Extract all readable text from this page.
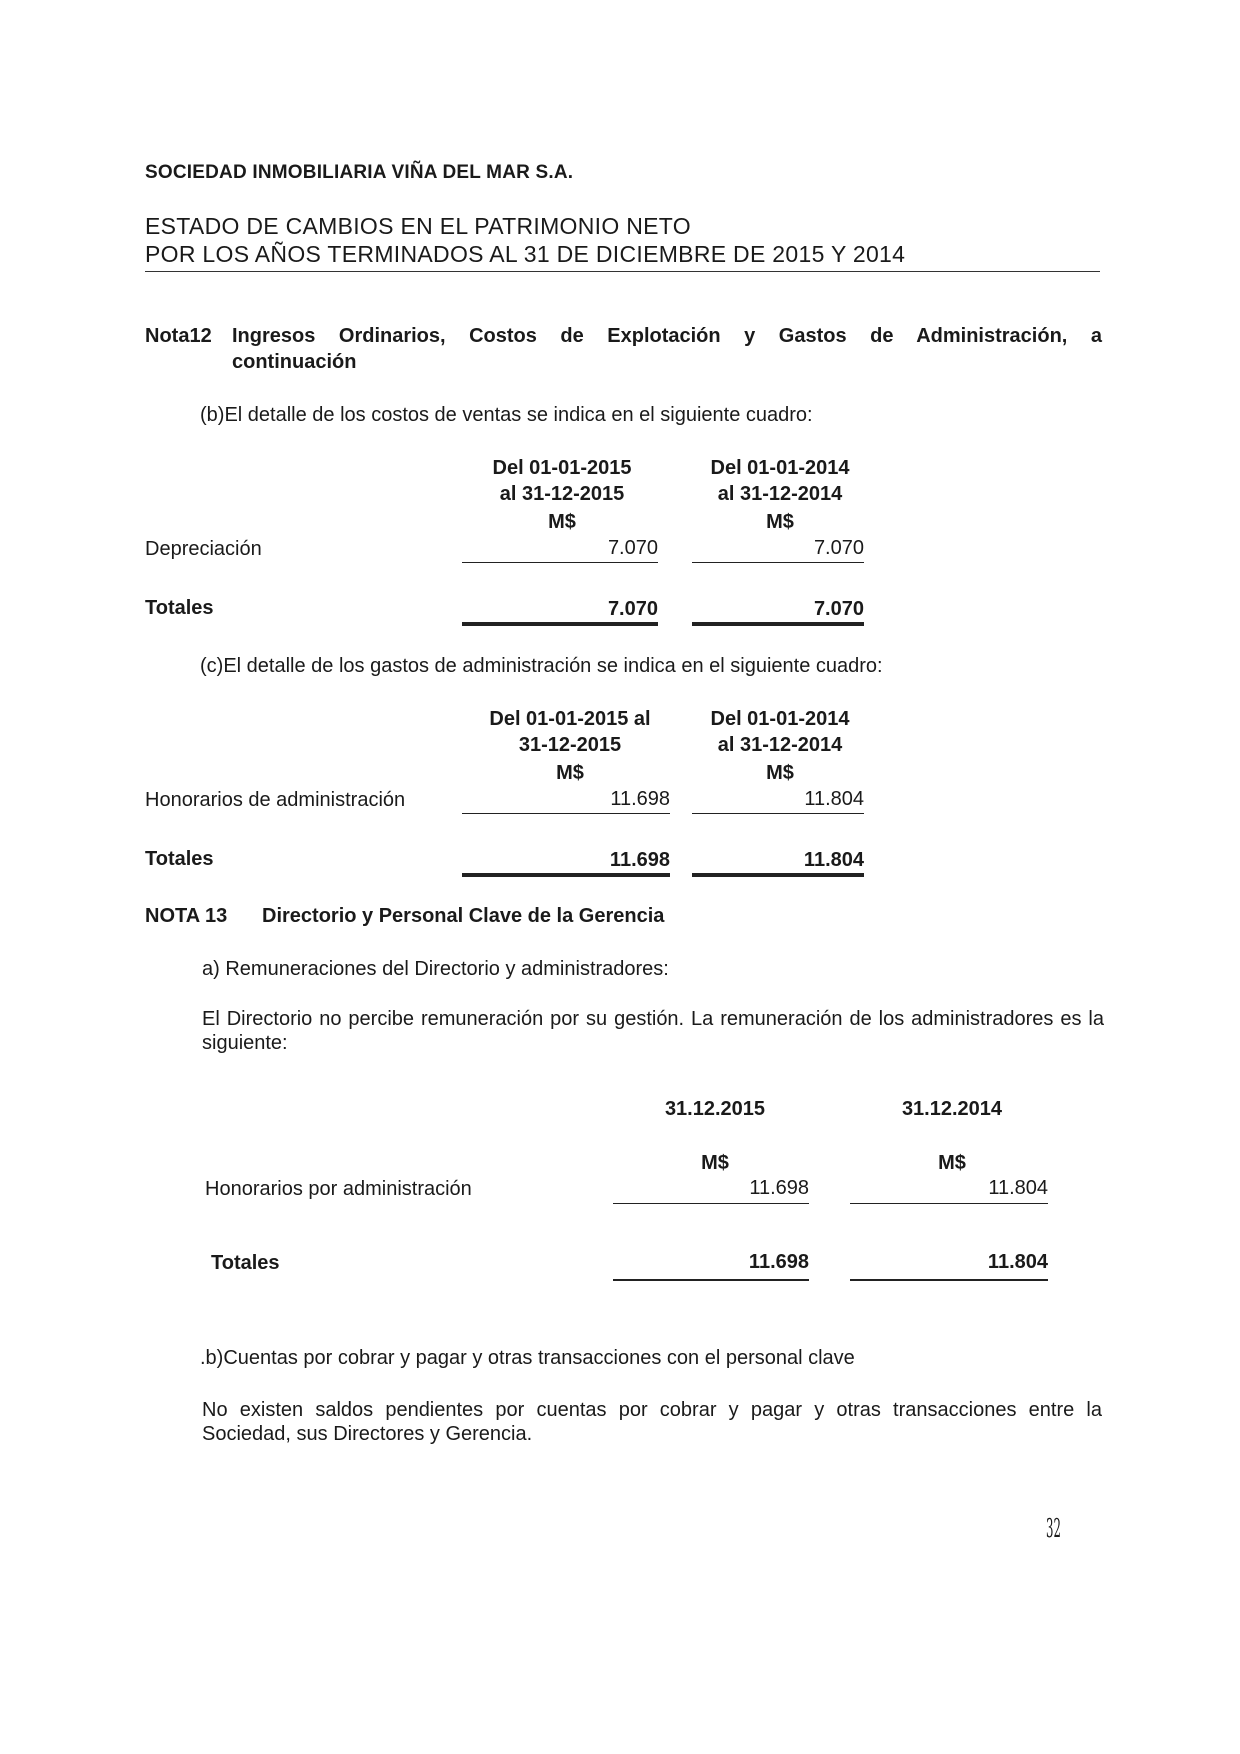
SOCIEDAD INMOBILIARIA VIÑA DEL MAR S.A.
ESTADO DE CAMBIOS EN EL PATRIMONIO NETO
POR LOS AÑOS TERMINADOS AL 31 DE DICIEMBRE DE 2015 Y 2014
Nota12 Ingresos Ordinarios, Costos de Explotación y Gastos de Administración, a
continuación
(b)El detalle de los costos de ventas se indica en el siguiente cuadro:
Del 01-01-2015
al 31-12-2015
M$
Del 01-01-2014
al 31-12-2014
M$
Depreciación	7.070	7.070
Totales	7.070	7.070
(c)El detalle de los gastos de administración se indica en el siguiente cuadro:
Del 01-01-2015 al
31-12-2015
M$
Del 01-01-2014
al 31-12-2014
M$
Honorarios de administración	11.698	11.804
Totales	11.698	11.804
NOTA 13 Directorio y Personal Clave de la Gerencia
a) Remuneraciones del Directorio y administradores:
El Directorio no percibe remuneración por su gestión. La remuneración de los administradores es la siguiente:
31.12.2015	31.12.2014
M$	M$
Honorarios por administración	11.698	11.804
Totales	11.698	11.804
.b)Cuentas por cobrar y pagar y otras transacciones con el personal clave
No existen saldos pendientes por cuentas por cobrar y pagar y otras transacciones entre la Sociedad, sus Directores y Gerencia.
32
